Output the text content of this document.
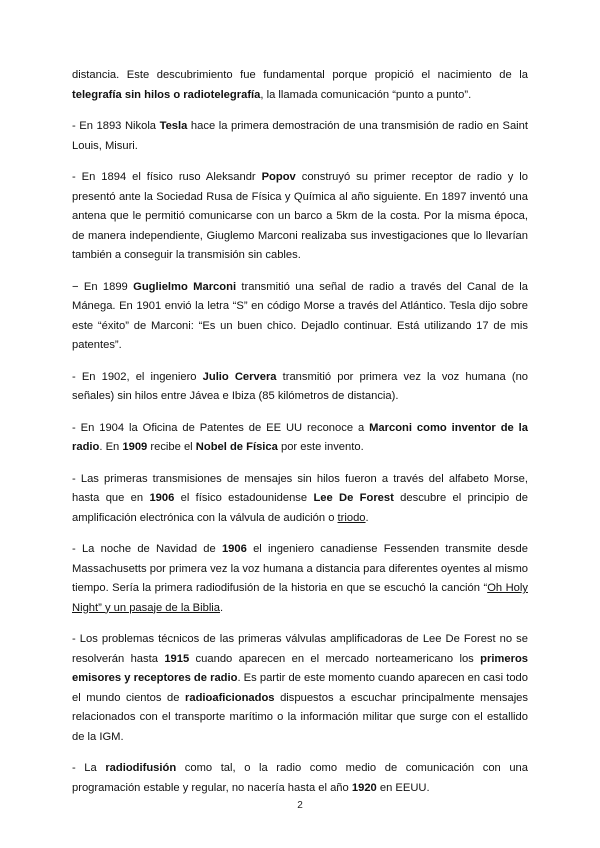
distancia. Este descubrimiento fue fundamental porque propició el nacimiento de la telegrafía sin hilos o radiotelegrafía, la llamada comunicación “punto a punto”.

- En 1893 Nikola Tesla hace la primera demostración de una transmisión de radio en Saint Louis, Misuri.

- En 1894 el físico ruso Aleksandr Popov construyó su primer receptor de radio y lo presentó ante la Sociedad Rusa de Física y Química al año siguiente. En 1897 inventó una antena que le permitió comunicarse con un barco a 5km de la costa. Por la misma época, de manera independiente, Giuglemo Marconi realizaba sus investigaciones que lo llevarían también a conseguir la transmisión sin cables.

− En 1899 Guglielmo Marconi transmitió una señal de radio a través del Canal de la Mánega. En 1901 envió la letra “S” en código Morse a través del Atlántico. Tesla dijo sobre este “éxito” de Marconi: “Es un buen chico. Dejadlo continuar. Está utilizando 17 de mis patentes”.

- En 1902, el ingeniero Julio Cervera transmitió por primera vez la voz humana (no señales) sin hilos entre Jávea e Ibiza (85 kilómetros de distancia).

- En 1904 la Oficina de Patentes de EE UU reconoce a Marconi como inventor de la radio. En 1909 recibe el Nobel de Física por este invento.

- Las primeras transmisiones de mensajes sin hilos fueron a través del alfabeto Morse, hasta que en 1906 el físico estadounidense Lee De Forest descubre el principio de amplificación electrónica con la válvula de audición o triodo.

- La noche de Navidad de 1906 el ingeniero canadiense Fessenden transmite desde Massachusetts por primera vez la voz humana a distancia para diferentes oyentes al mismo tiempo. Sería la primera radiodifusión de la historia en que se escuchó la canción “Oh Holy Night” y un pasaje de la Biblia.

- Los problemas técnicos de las primeras válvulas amplificadoras de Lee De Forest no se resolverán hasta 1915 cuando aparecen en el mercado norteamericano los primeros emisores y receptores de radio. Es partir de este momento cuando aparecen en casi todo el mundo cientos de radioaficionados dispuestos a escuchar principalmente mensajes relacionados con el transporte marítimo o la información militar que surge con el estallido de la IGM.

- La radiodifusión como tal, o la radio como medio de comunicación con una programación estable y regular, no nacería hasta el año 1920 en EEUU.

2
